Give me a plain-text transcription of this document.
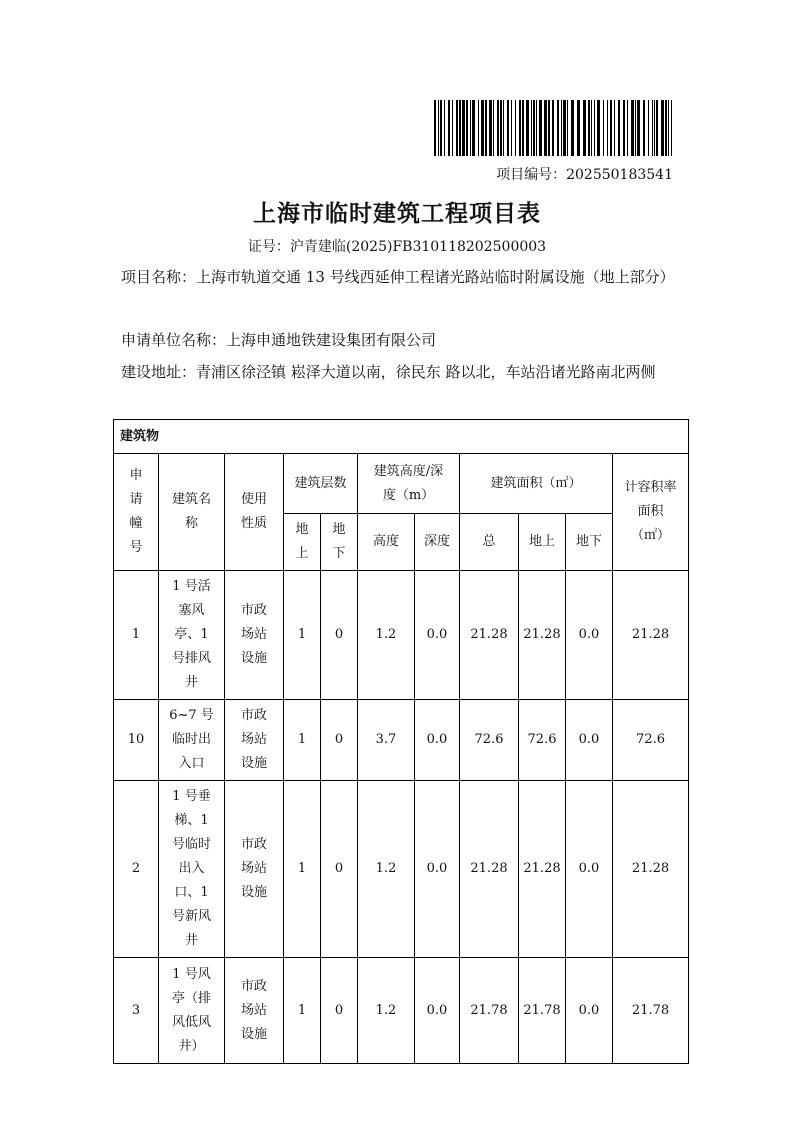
项目编号：202550183541
上海市临时建筑工程项目表
证号：沪青建临(2025)FB310118202500003
项目名称：上海市轨道交通 13 号线西延伸工程诸光路站临时附属设施（地上部分）
申请单位名称：上海申通地铁建设集团有限公司
建设地址：青浦区徐泾镇 崧泽大道以南，徐民东 路以北，车站沿诸光路南北两侧
建筑物										
申请幢号	建筑名称	使用性质	建筑层数		建筑高度/深度（m）		建筑面积（㎡）			计容积率面积（㎡）
			地上	地下	高度	深度	总	地上	地下	
1	1 号活塞风亭、1 号排风井	市政场站设施	1	0	1.2	0.0	21.28	21.28	0.0	21.28
10	6~7 号临时出入口	市政场站设施	1	0	3.7	0.0	72.6	72.6	0.0	72.6
2	1 号垂梯、1 号临时出入口、1 号新风井	市政场站设施	1	0	1.2	0.0	21.28	21.28	0.0	21.28
3	1 号风亭（排风低风井）	市政场站设施	1	0	1.2	0.0	21.78	21.78	0.0	21.78
